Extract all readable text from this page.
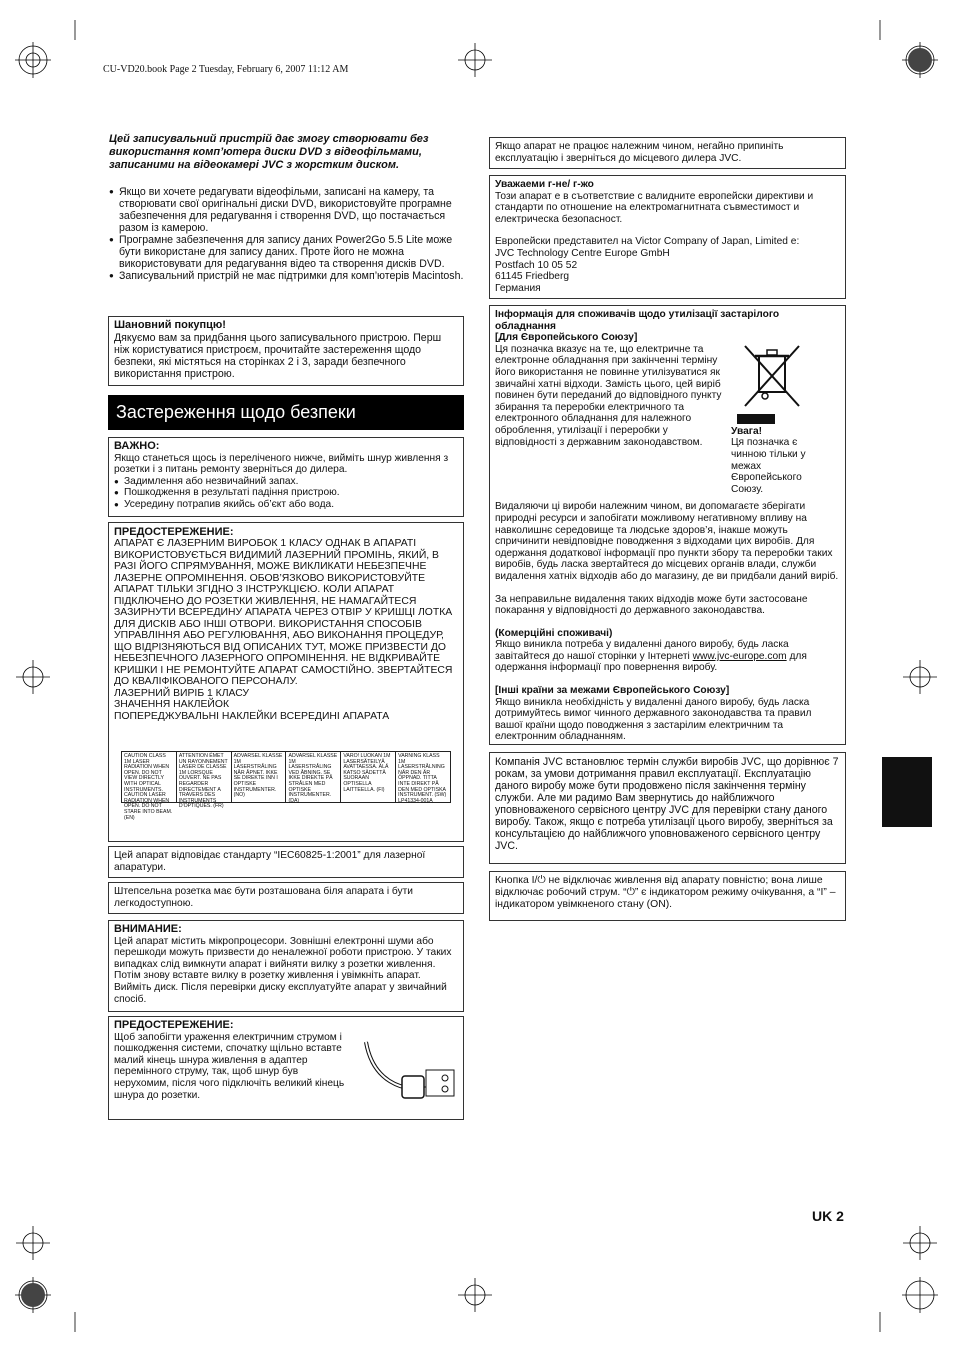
CU-VD20.book Page 2 Tuesday, February 6, 2007 11:12 AM
Цей записувальний пристрій дає змогу створювати без використання комп’ютера диски DVD з відеофільмами, записаними на відеокамері JVC з жорстким диском.
● Якщо ви хочете редагувати відеофільми, записані на камеру, та створювати свої оригінальні диски DVD, використовуйте програмне забезпечення для редагування і створення DVD, що постачається разом із камерою.
● Програмне забезпечення для запису даних Power2Go 5.5 Lite може бути використане для запису даних. Проте його не можна використовувати для редагування відео та створення дисків DVD.
● Записувальний пристрій не має підтримки для комп’ютерів Macintosh.
Шановний покупцю!
Дякуємо вам за придбання цього записувального пристрою. Перш ніж користуватися пристроєм, прочитайте застереження щодо безпеки, які містяться на сторінках 2 і 3, заради безпечного використання пристрою.
Застереження щодо безпеки
ВАЖНО:
Якщо станеться щось із переліченого нижче, вийміть шнур живлення з розетки і з питань ремонту зверніться до дилера.
● Задимлення або незвичайний запах.
● Пошкодження в результаті падіння пристрою.
● Усередину потрапив якийсь об’єкт або вода.
ПРЕДОСТЕРЕЖЕНИЕ:
АПАРАТ Є ЛАЗЕРНИМ ВИРОБОК 1 КЛАСУ ОДНАК В АПАРАТІ ВИКОРИСТОВУЄТЬСЯ ВИДИМИЙ ЛАЗЕРНИЙ ПРОМІНЬ, ЯКИЙ, В РАЗІ ЙОГО СПРЯМУВАННЯ, МОЖЕ ВИКЛИКАТИ НЕБЕЗПЕЧНЕ ЛАЗЕРНЕ ОПРОМІНЕННЯ. ОБОВ’ЯЗКОВО ВИКОРИСТОВУЙТЕ АПАРАТ ТІЛЬКИ ЗГІДНО З ІНСТРУКЦІЄЮ. КОЛИ АПАРАТ ПІДКЛЮЧЕНО ДО РОЗЕТКИ ЖИВЛЕННЯ, НЕ НАМАГАЙТЕСЯ ЗАЗИРНУТИ ВСЕРЕДИНУ АПАРАТА ЧЕРЕЗ ОТВІР У КРИШЦІ ЛОТКА ДЛЯ ДИСКІВ АБО ІНШІ ОТВОРИ. ВИКОРИСТАННЯ СПОСОБІВ УПРАВЛІННЯ АБО РЕГУЛЮВАННЯ, АБО ВИКОНАННЯ ПРОЦЕДУР, ЩО ВІДРІЗНЯЮТЬСЯ ВІД ОПИСАНИХ ТУТ, МОЖЕ ПРИЗВЕСТИ ДО НЕБЕЗПЕЧНОГО ЛАЗЕРНОГО ОПРОМІНЕННЯ. НЕ ВІДКРИВАЙТЕ КРИШКИ І НЕ РЕМОНТУЙТЕ АПАРАТ САМОСТІЙНО. ЗВЕРТАЙТЕСЯ ДО КВАЛІФІКОВАНОГО ПЕРСОНАЛУ.
ЛАЗЕРНИЙ ВИРІБ 1 КЛАСУ
ЗНАЧЕННЯ НАКЛЕЙОК
ПОПЕРЕДЖУВАЛЬНІ НАКЛЕЙКИ ВСЕРЕДИНІ АПАРАТА
CAUTION CLASS 1M LASER RADIATION WHEN OPEN. DO NOT VIEW DIRECTLY WITH OPTICAL INSTRUMENTS. CAUTION LASER RADIATION WHEN OPEN. DO NOT STARE INTO BEAM.(EN)
ATTENTION ÉMET UN RAYONNEMENT LASER DE CLASSE 1M LORSQUE OUVERT. NE PAS REGARDER DIRECTEMENT A TRAVERS DES INSTRUMENTS D'OPTIQUES. (FR)
ADVARSEL KLASSE 1M LASERSTRÅLING NÅR ÅPNET. IKKE SE DIREKTE INN I OPTISKE INSTRUMENTER. (NO)
ADVARSEL KLASSE 1M LASERSTRÅLING VED ÅBNING. SE IKKE DIREKTE PÅ STRÅLEN MED OPTISKE INSTRUMENTER. (DA)
VARO! LUOKAN 1M LASERSÄTEILYÄ AVATTAESSA. ÄLÄ KATSO SÄDETTÄ SUORAAN OPTISELLA LAITTEELLA. (FI)
VARNING KLASS 1M LASERSTRÅLNING NÄR DEN ÄR ÖPPNAD. TITTA INTE DIREKT PÅ DEN MED OPTISKA INSTRUMENT. (SW) LP41334-001A
Цей апарат відповідає стандарту “IEC60825-1:2001” для лазерної апаратури.
Штепсельна розетка має бути розташована біля апарата і бути легкодоступною.
ВНИМАНИЕ:
Цей апарат містить мікропроцесори. Зовнішні електронні шуми або перешкоди можуть призвести до неналежної роботи пристрою. У таких випадках слід вимкнути апарат і вийняти вилку з розетки живлення. Потім знову вставте вилку в розетку живлення і увімкніть апарат. Вийміть диск. Після перевірки диску експлуатуйте апарат у звичайний спосіб.
ПРЕДОСТЕРЕЖЕНИЕ:
Щоб запобігти ураження електричним струмом і пошкодження системи, спочатку щільно вставте малий кінець шнура живлення в адаптер перемінного струму, так, щоб шнур був нерухомим, після чого підключіть великий кінець шнура до розетки.
Якщо апарат не працює належним чином, негайно припиніть експлуатацію і зверніться до місцевого дилера JVC.
Уважаеми г-не/ г-жо
Този апарат е в съответствие с валидните европейски директиви и стандарти по отношение на електромагнитната съвместимост и електрическа безопасност.
Европейски представител на Victor Company of Japan, Limited е:
JVC Technology Centre Europe GmbH
Postfach 10 05 52
61145 Friedberg
Германия
Інформація для споживачів щодо утилізації застарілого обладнання
[Для Європейського Союзу]
Ця позначка вказує на те, що електричне та електронне обладнання при закінченні терміну його використання не повинне утилізуватися як звичайні хатні відходи. Замість цього, цей виріб повинен бути переданий до відповідного пункту збирання та переробки електричного та електронного обладнання для належного оброблення, утилізації і переробки у відповідності з державним законодавством.
Увага!
Ця позначка є чинною тільки у межах Європейського Союзу.
Видаляючи ці вироби належним чином, ви допомагаєте зберігати природні ресурси и запобігати можливому негативному впливу на навколишнє середовище та людське здоров’я, інакше можуть спричинити невідповідне поводження з відходами цих виробів. Для одержання додаткової інформації про пункти збору та переробки таких виробів, будь ласка звертайтеся до місцевих органів влади, служби видалення хатніх відходів або до магазину, де ви придбали даний виріб.
За неправильне видалення таких відходів може бути застосоване покарання у відповідності до державного законодавства.
(Комерційні споживачі)
Якщо виникла потреба у видаленні даного виробу, будь ласка завітайтеся до нашої сторінки у Інтернеті www.jvc-europe.com для одержання інформації про повернення виробу.
[Інші країни за межами Європейського Союзу]
Якщо виникла необхідність у видаленні даного виробу, будь ласка дотримуйтесь вимог чинного державного законодавства та правил вашої країни щодо поводження з застарілим електричним та електронним обладнанням.
Компанія JVC встановлює термін служби виробів JVC, що дорівнює 7 рокам, за умови дотримання правил експлуатації. Експлуатацію даного виробу може бути продовжено після закінчення терміну служби. Але ми радимо Вам звернутись до найближчого уповноваженого сервісного центру JVC для перевірки стану даного виробу. Також, якщо є потреба утилізації цього виробу, зверніться за консультацією до найближчого уповноваженого сервісного центру JVC.
Кнопка I/⏻ не відключає живлення від апарату повністю; вона лише відключає робочий струм. “⏻” є індикатором режиму очікування, а “I” – індикатором увімкненого стану (ON).
UK 2
